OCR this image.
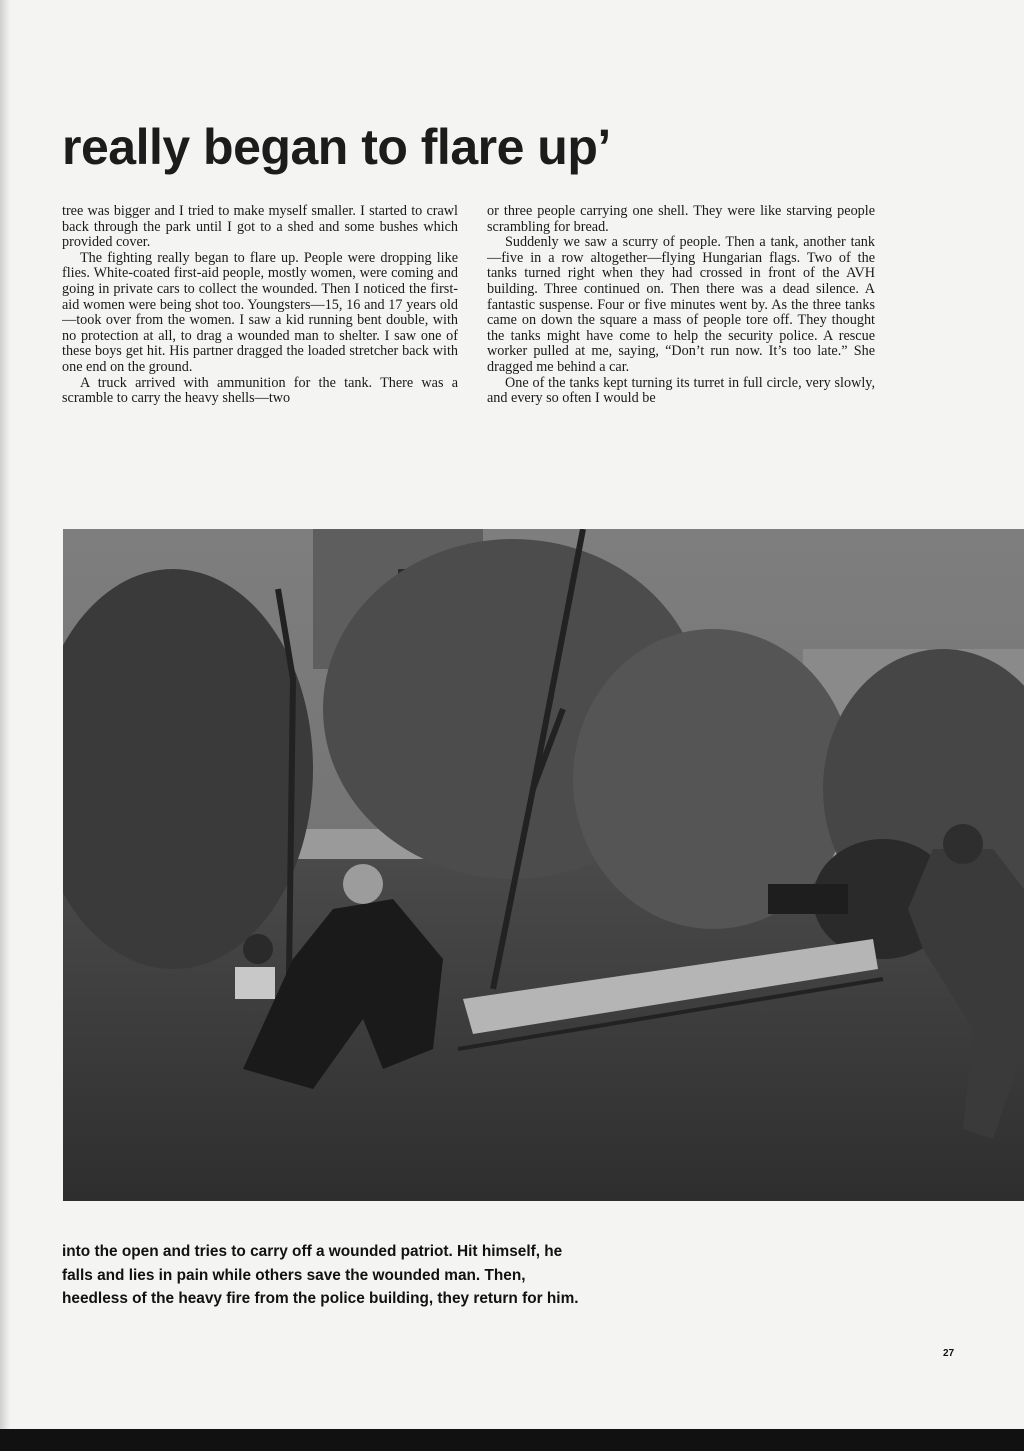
really began to flare up’

tree was bigger and I tried to make myself smaller. I started to crawl back through the park until I got to a shed and some bushes which provided cover.

The fighting really began to flare up. People were dropping like flies. White-coated first-aid people, mostly women, were coming and going in private cars to collect the wounded. Then I noticed the first-aid women were being shot too. Youngsters—15, 16 and 17 years old—took over from the women. I saw a kid running bent double, with no protection at all, to drag a wounded man to shelter. I saw one of these boys get hit. His partner dragged the loaded stretcher back with one end on the ground.

A truck arrived with ammunition for the tank. There was a scramble to carry the heavy shells—two

or three people carrying one shell. They were like starving people scrambling for bread.

Suddenly we saw a scurry of people. Then a tank, another tank—five in a row altogether—flying Hungarian flags. Two of the tanks turned right when they had crossed in front of the AVH building. Three continued on. Then there was a dead silence. A fantastic suspense. Four or five minutes went by. As the three tanks came on down the square a mass of people tore off. They thought the tanks might have come to help the security police. A rescue worker pulled at me, saying, “Don’t run now. It’s too late.” She dragged me behind a car.

One of the tanks kept turning its turret in full circle, very slowly, and every so often I would be

into the open and tries to carry off a wounded patriot. Hit himself, he falls and lies in pain while others save the wounded man. Then, heedless of the heavy fire from the police building, they return for him.

27
